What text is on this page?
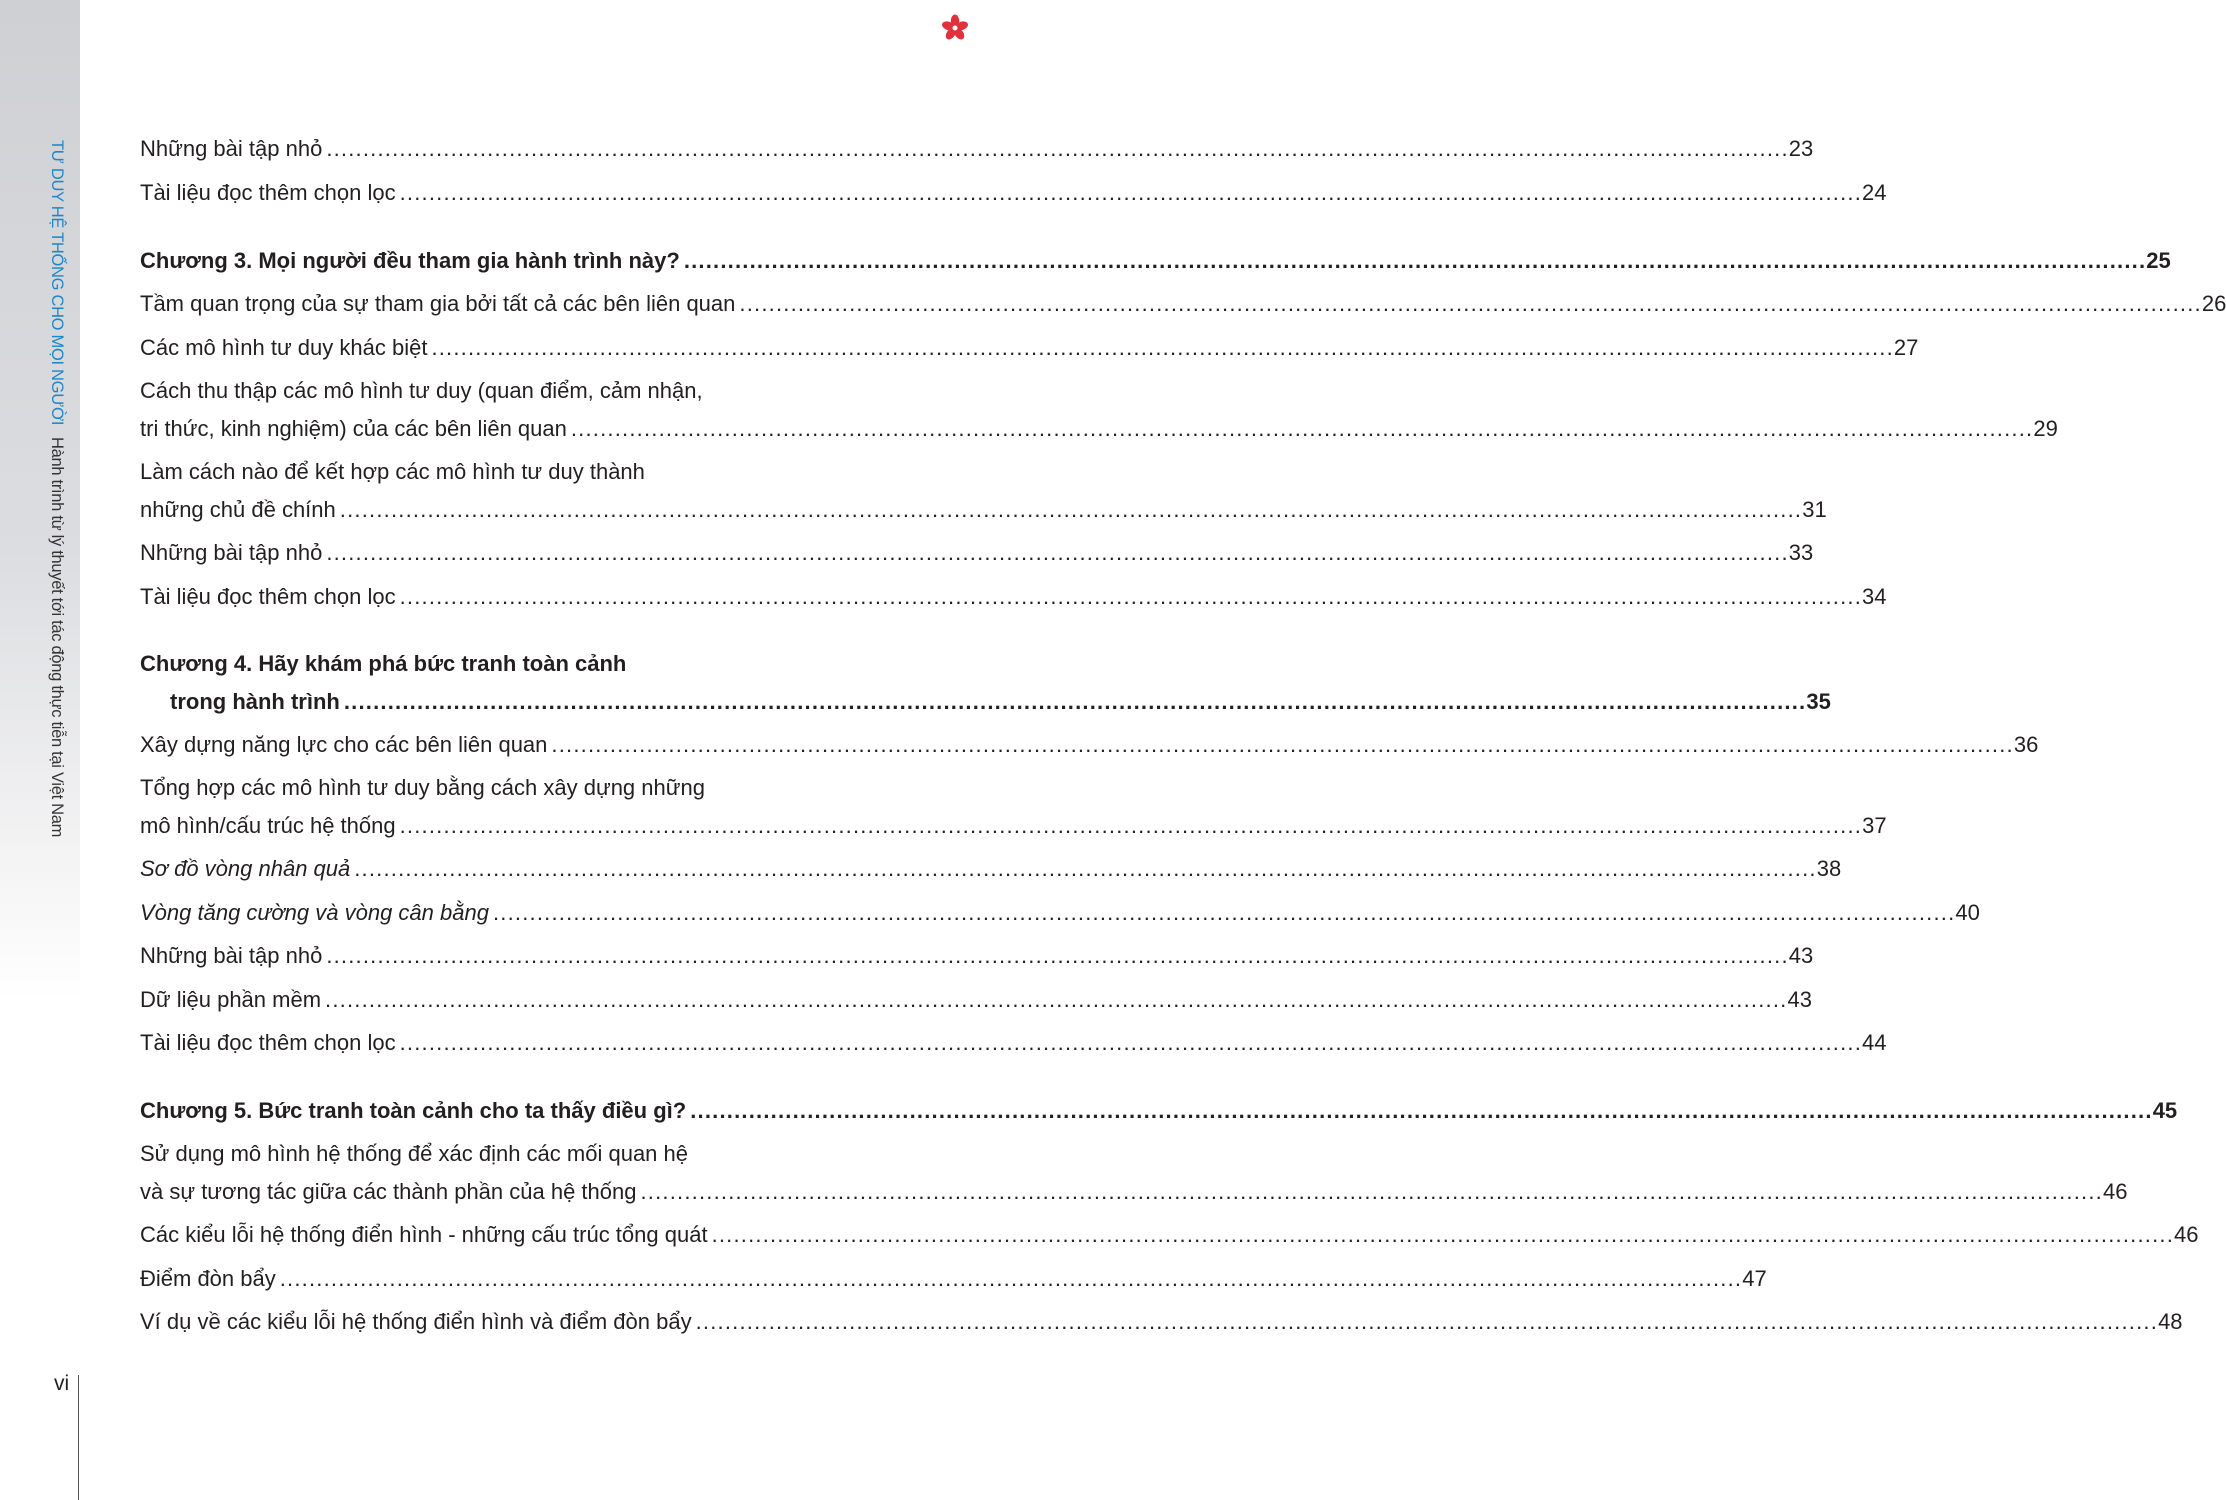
TƯ DUY HỆ THỐNG CHO MỌI NGƯỜI Hành trình từ lý thuyết tới tác động thực tiễn tại Việt Nam
Những bài tập nhỏ ........................................................................................................................................................................................................ 23
Tài liệu đọc thêm chọn lọc ........................................................................................................................................................................................................ 24
Chương 3. Mọi người đều tham gia hành trình này? ........................................................................................................................................................................................................ 25
Tầm quan trọng của sự tham gia bởi tất cả các bên liên quan ........................................................................................................................................................................................................ 26
Các mô hình tư duy khác biệt ........................................................................................................................................................................................................ 27
Cách thu thập các mô hình tư duy (quan điểm, cảm nhận,
tri thức, kinh nghiệm) của các bên liên quan ........................................................................................................................................................................................................ 29
Làm cách nào để kết hợp các mô hình tư duy thành
những chủ đề chính ........................................................................................................................................................................................................ 31
Những bài tập nhỏ ........................................................................................................................................................................................................ 33
Tài liệu đọc thêm chọn lọc ........................................................................................................................................................................................................ 34
Chương 4. Hãy khám phá bức tranh toàn cảnh
trong hành trình ........................................................................................................................................................................................................ 35
Xây dựng năng lực cho các bên liên quan ........................................................................................................................................................................................................ 36
Tổng hợp các mô hình tư duy bằng cách xây dựng những
mô hình/cấu trúc hệ thống ........................................................................................................................................................................................................ 37
Sơ đồ vòng nhân quả ........................................................................................................................................................................................................ 38
Vòng tăng cường và vòng cân bằng ........................................................................................................................................................................................................ 40
Những bài tập nhỏ ........................................................................................................................................................................................................ 43
Dữ liệu phần mềm ........................................................................................................................................................................................................ 43
Tài liệu đọc thêm chọn lọc ........................................................................................................................................................................................................ 44
Chương 5. Bức tranh toàn cảnh cho ta thấy điều gì? ........................................................................................................................................................................................................ 45
Sử dụng mô hình hệ thống để xác định các mối quan hệ
và sự tương tác giữa các thành phần của hệ thống ........................................................................................................................................................................................................ 46
Các kiểu lỗi hệ thống điển hình - những cấu trúc tổng quát ........................................................................................................................................................................................................ 46
Điểm đòn bẩy ........................................................................................................................................................................................................ 47
Ví dụ về các kiểu lỗi hệ thống điển hình và điểm đòn bẩy ........................................................................................................................................................................................................ 48
vi
